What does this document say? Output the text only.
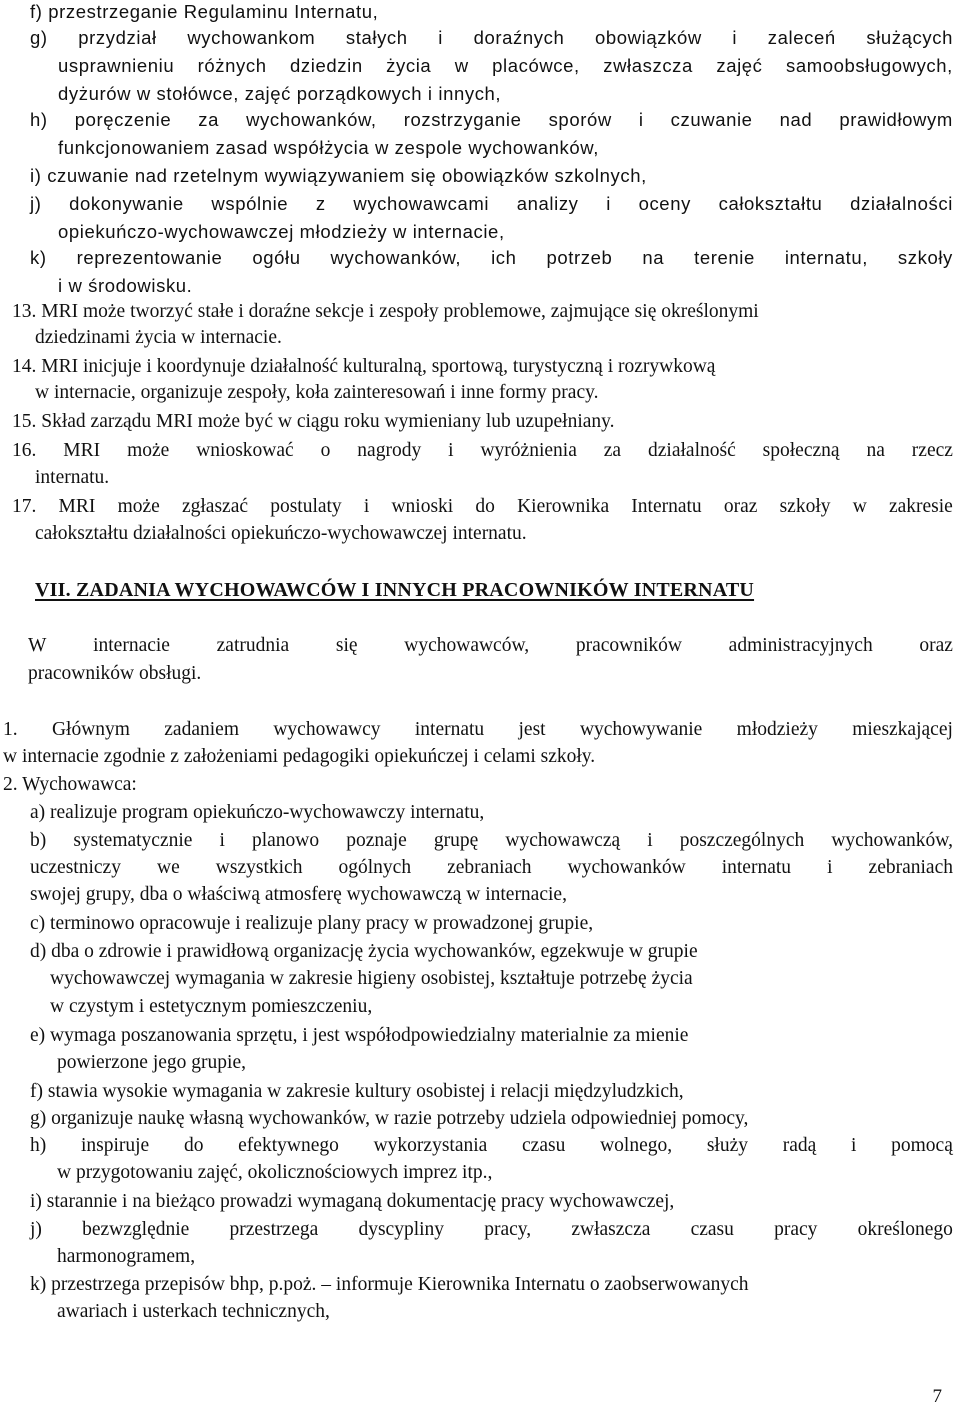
f) przestrzeganie Regulaminu Internatu,
g) przydział wychowankom stałych i doraźnych obowiązków i zaleceń służących
usprawnieniu różnych dziedzin życia w placówce, zwłaszcza zajęć samoobsługowych,
dyżurów w stołówce, zajęć porządkowych i innych,
h) poręczenie za wychowanków, rozstrzyganie sporów i czuwanie nad prawidłowym
funkcjonowaniem zasad współżycia w zespole wychowanków,
i) czuwanie nad rzetelnym wywiązywaniem się obowiązków szkolnych,
j) dokonywanie wspólnie z wychowawcami analizy i oceny całokształtu działalności
opiekuńczo-wychowawczej młodzieży w internacie,
k) reprezentowanie ogółu wychowanków, ich potrzeb na terenie internatu, szkoły
i w środowisku.
13. MRI może tworzyć stałe i doraźne sekcje i zespoły problemowe, zajmujące się określonymi
dziedzinami życia w internacie.
14. MRI inicjuje i koordynuje działalność kulturalną, sportową, turystyczną i rozrywkową
w internacie, organizuje zespoły, koła zainteresowań i inne formy pracy.
15. Skład zarządu MRI może być w ciągu roku wymieniany lub uzupełniany.
16. MRI może wnioskować o nagrody i wyróżnienia za działalność społeczną na rzecz
internatu.
17. MRI może zgłaszać postulaty i wnioski do Kierownika Internatu oraz szkoły w zakresie
całokształtu działalności opiekuńczo-wychowawczej internatu.
VII. ZADANIA WYCHOWAWCÓW I INNYCH PRACOWNIKÓW INTERNATU
W internacie zatrudnia się wychowawców, pracowników administracyjnych oraz
pracowników obsługi.
1. Głównym zadaniem wychowawcy internatu jest wychowywanie młodzieży mieszkającej
w internacie zgodnie z założeniami pedagogiki opiekuńczej i celami szkoły.
2. Wychowawca:
a) realizuje program opiekuńczo-wychowawczy internatu,
b) systematycznie i planowo poznaje grupę wychowawczą i poszczególnych wychowanków,
uczestniczy we wszystkich ogólnych zebraniach wychowanków internatu i zebraniach
swojej grupy, dba o właściwą atmosferę wychowawczą w internacie,
c) terminowo opracowuje i realizuje plany pracy w prowadzonej grupie,
d) dba o zdrowie i prawidłową organizację życia wychowanków, egzekwuje w grupie
wychowawczej wymagania w zakresie higieny osobistej, kształtuje potrzebę życia
w czystym i estetycznym pomieszczeniu,
e) wymaga poszanowania sprzętu, i jest współodpowiedzialny materialnie za mienie
powierzone jego grupie,
f) stawia wysokie wymagania w zakresie kultury osobistej i relacji międzyludzkich,
g) organizuje naukę własną wychowanków, w razie potrzeby udziela odpowiedniej pomocy,
h) inspiruje do efektywnego wykorzystania czasu wolnego, służy radą i pomocą
w przygotowaniu zajęć, okolicznościowych imprez itp.,
i) starannie i na bieżąco prowadzi wymaganą dokumentację pracy wychowawczej,
j) bezwzględnie przestrzega dyscypliny pracy, zwłaszcza czasu pracy określonego
harmonogramem,
k) przestrzega przepisów bhp, p.poż. – informuje Kierownika Internatu o zaobserwowanych
awariach i usterkach technicznych,
7
